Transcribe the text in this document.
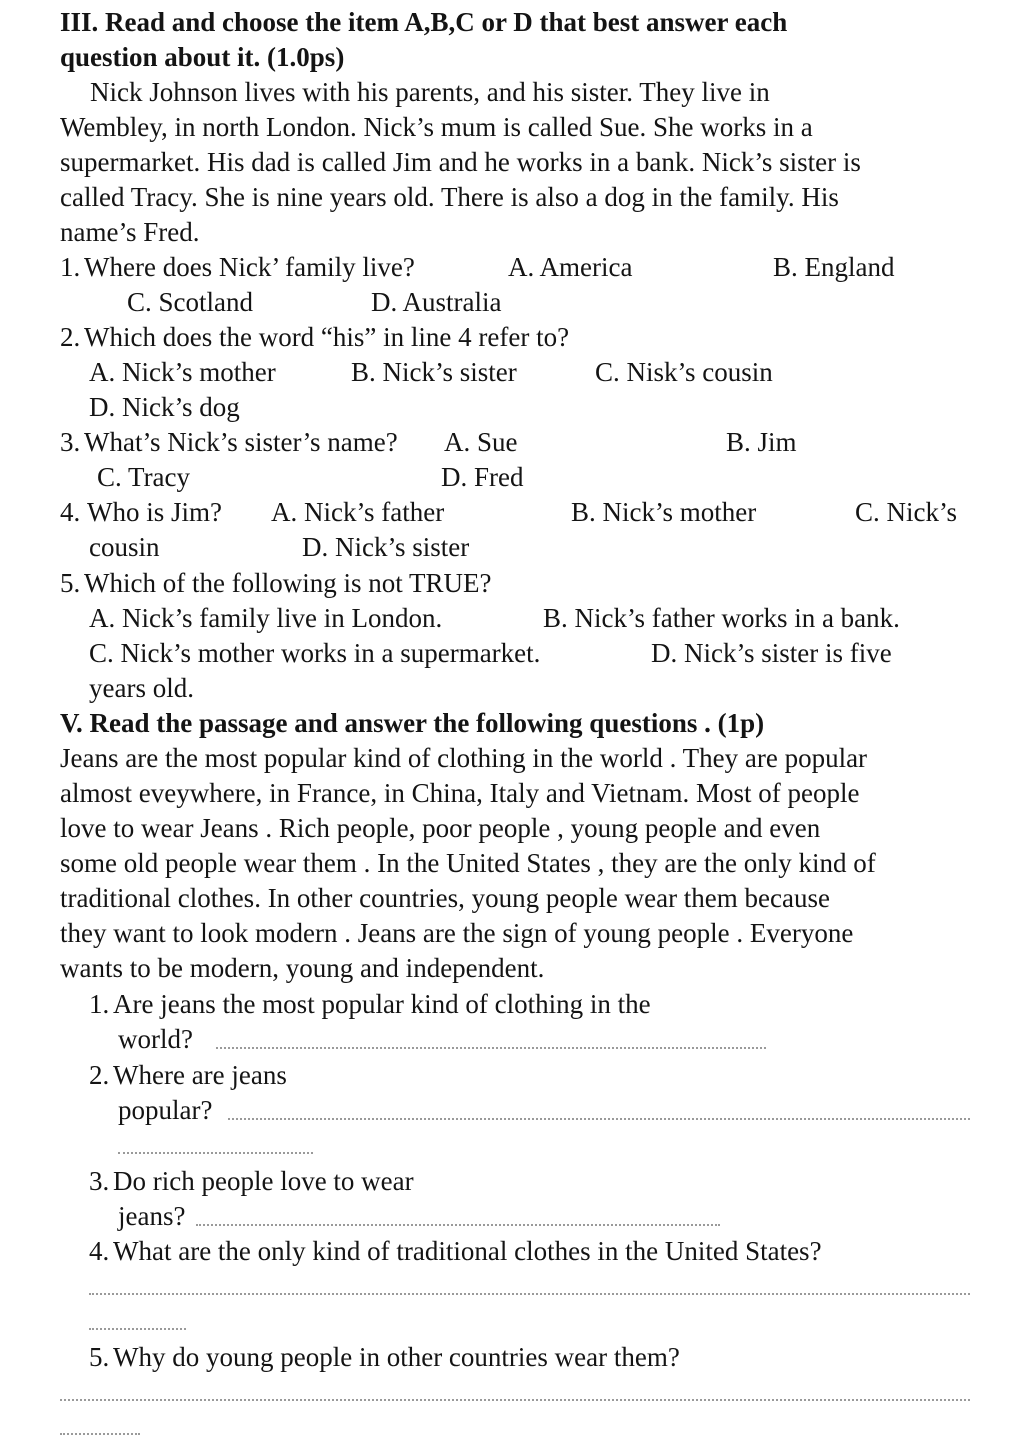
III. Read and choose the item A,B,C or D that best answer each
question about it. (1.0ps)
Nick Johnson lives with his parents, and his sister. They live in
Wembley, in north London. Nick’s mum is called Sue. She works in a
supermarket. His dad is called Jim and he works in a bank. Nick’s sister is
called Tracy. She is nine years old. There is also a dog in the family. His
name’s Fred.
1. Where does Nick’ family live?	A. America	B. England
C. Scotland	D. Australia
2. Which does the word “his” in line 4 refer to?
A. Nick’s mother	B. Nick’s sister	C. Nisk’s cousin
D. Nick’s dog
3. What’s Nick’s sister’s name? A. Sue	B. Jim
C. Tracy	D. Fred
4. Who is Jim? A. Nick’s father	B. Nick’s mother	C. Nick’s
cousin	D. Nick’s sister
5. Which of the following is not TRUE?
A. Nick’s family live in London.	B. Nick’s father works in a bank.
C. Nick’s mother works in a supermarket.	D. Nick’s sister is five
years old.
V. Read the passage and answer the following questions . (1p)
Jeans are the most popular kind of clothing in the world . They are popular
almost eveywhere, in France, in China, Italy and Vietnam. Most of people
love to wear Jeans . Rich people, poor people , young people and even
some old people wear them . In the United States , they are the only kind of
traditional clothes. In other countries, young people wear them because
they want to look modern . Jeans are the sign of young people . Everyone
wants to be modern, young and independent.
1. Are jeans the most popular kind of clothing in the
world?
2. Where are jeans
popular?
3. Do rich people love to wear
jeans?
4. What are the only kind of traditional clothes in the United States?
5. Why do young people in other countries wear them?
